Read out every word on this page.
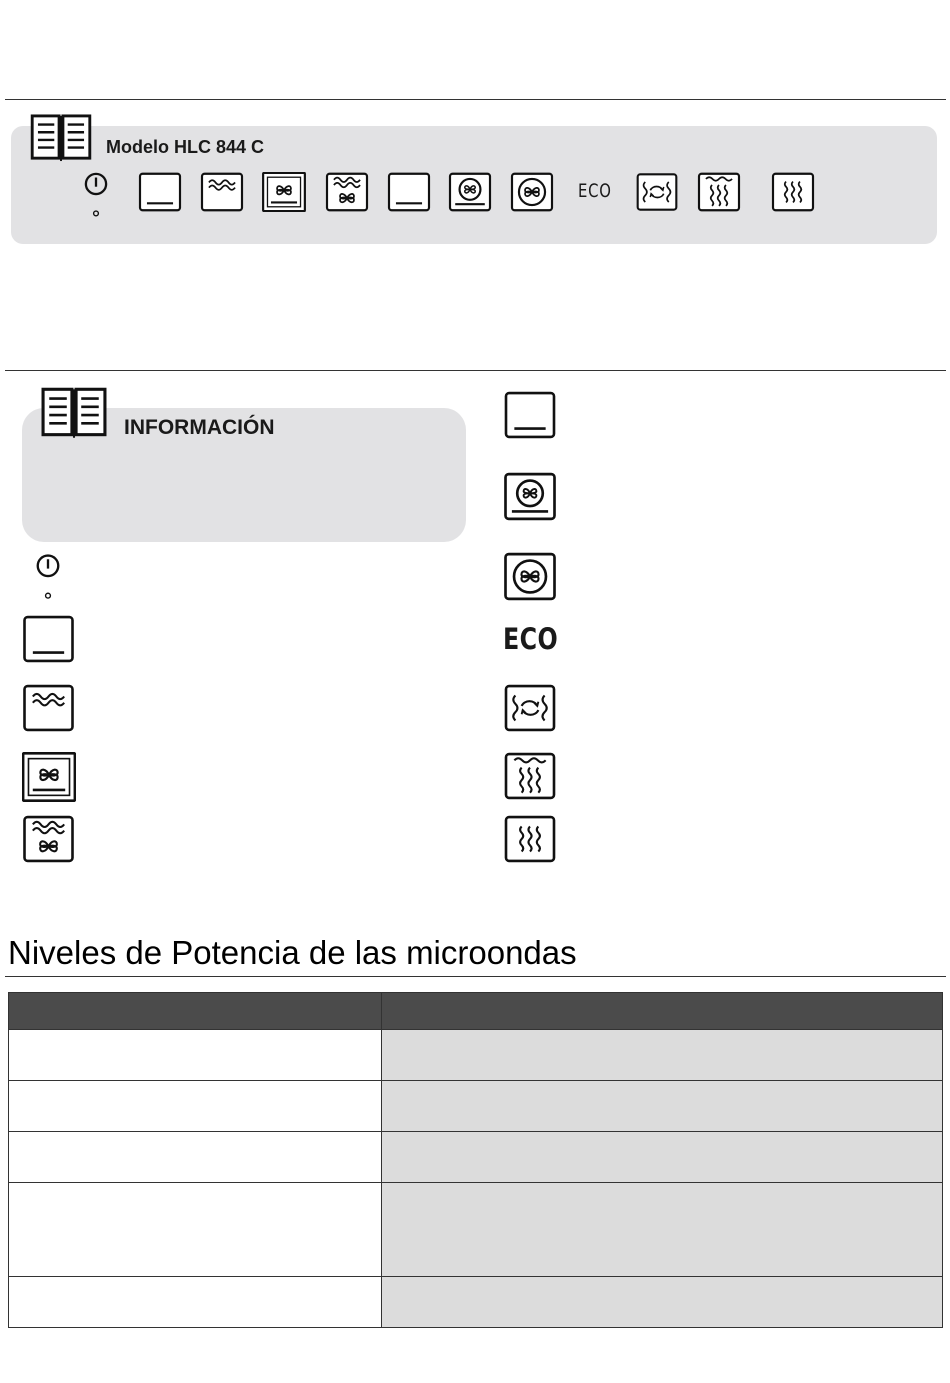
Modelo HLC 844 C
ECO
INFORMACIÓN
ECO
Niveles de Potencia de las microondas
